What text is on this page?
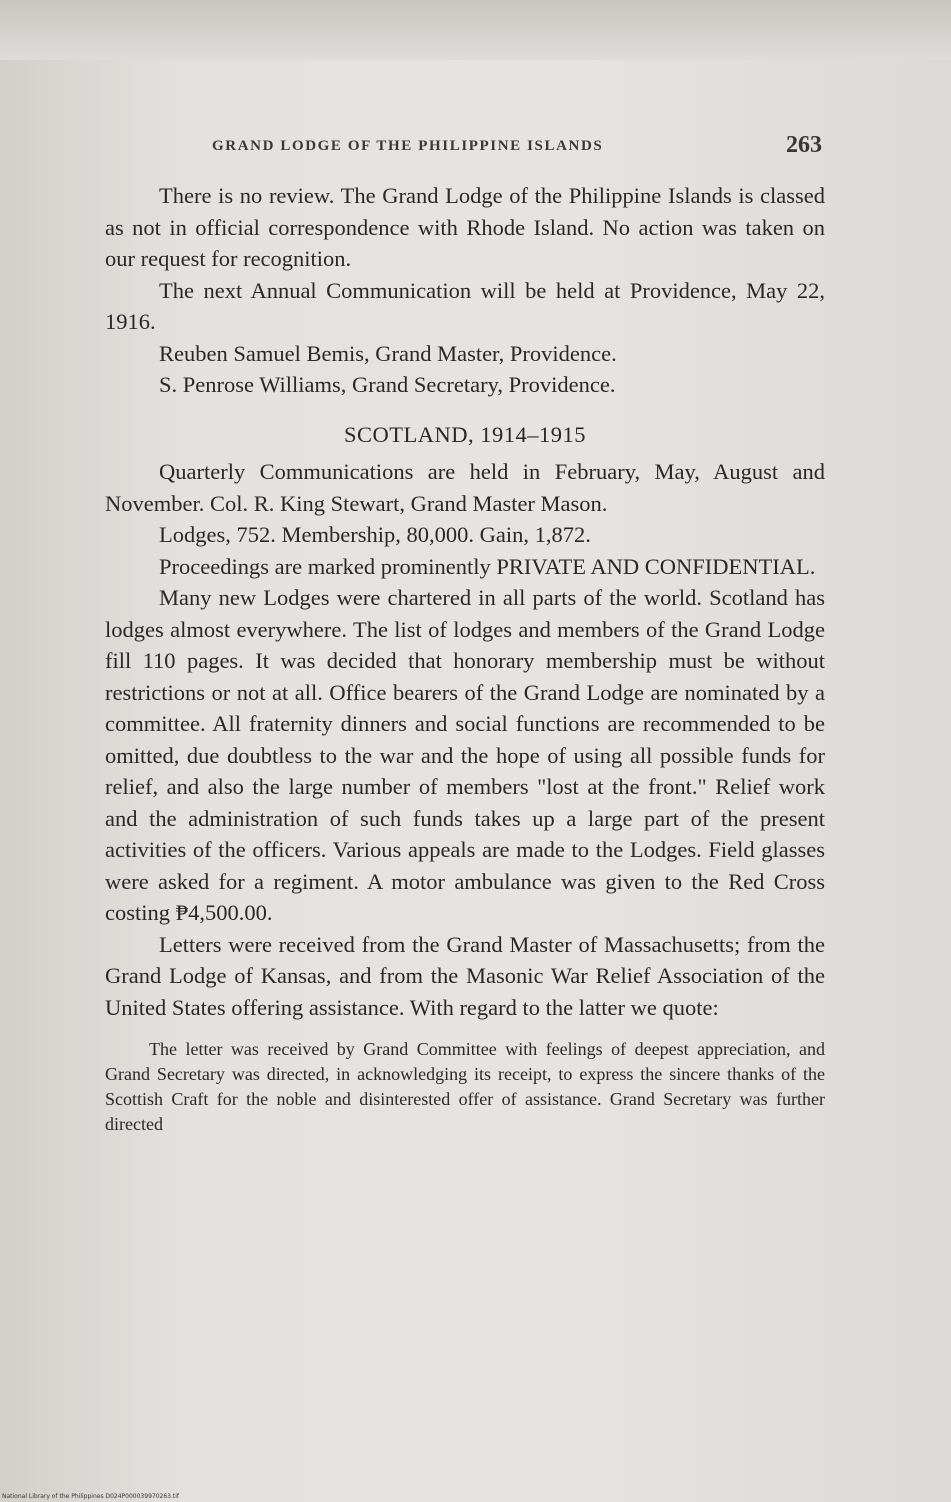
GRAND LODGE OF THE PHILIPPINE ISLANDS	263

There is no review. The Grand Lodge of the Philippine Islands is classed as not in official correspondence with Rhode Island. No action was taken on our request for recognition.

The next Annual Communication will be held at Providence, May 22, 1916.

Reuben Samuel Bemis, Grand Master, Providence.

S. Penrose Williams, Grand Secretary, Providence.

SCOTLAND, 1914–1915

Quarterly Communications are held in February, May, August and November. Col. R. King Stewart, Grand Master Mason.

Lodges, 752. Membership, 80,000. Gain, 1,872.

Proceedings are marked prominently PRIVATE AND CONFIDENTIAL.

Many new Lodges were chartered in all parts of the world. Scotland has lodges almost everywhere. The list of lodges and members of the Grand Lodge fill 110 pages. It was decided that honorary membership must be without restrictions or not at all. Office bearers of the Grand Lodge are nominated by a committee. All fraternity dinners and social functions are recommended to be omitted, due doubtless to the war and the hope of using all possible funds for relief, and also the large number of members "lost at the front." Relief work and the administration of such funds takes up a large part of the present activities of the officers. Various appeals are made to the Lodges. Field glasses were asked for a regiment. A motor ambulance was given to the Red Cross costing ₱4,500.00.

Letters were received from the Grand Master of Massachusetts; from the Grand Lodge of Kansas, and from the Masonic War Relief Association of the United States offering assistance. With regard to the latter we quote:

The letter was received by Grand Committee with feelings of deepest appreciation, and Grand Secretary was directed, in acknowledging its receipt, to express the sincere thanks of the Scottish Craft for the noble and disinterested offer of assistance. Grand Secretary was further directed

National Library of the Philippines D024P000039970263.tif
